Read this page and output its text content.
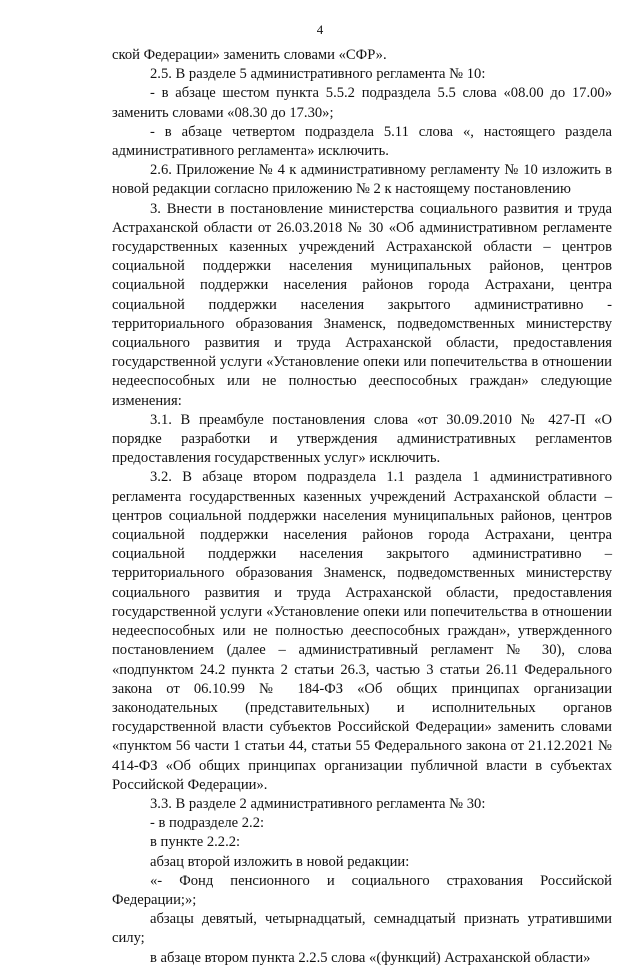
4

ской Федерации» заменить словами «СФР».

2.5. В разделе 5 административного регламента № 10:

- в абзаце шестом пункта 5.5.2 подраздела 5.5 слова «08.00 до 17.00» заменить словами «08.30 до 17.30»;

- в абзаце четвертом подраздела 5.11 слова «, настоящего раздела административного регламента» исключить.

2.6. Приложение № 4 к административному регламенту № 10 изложить в новой редакции согласно приложению № 2 к настоящему постановлению

3. Внести в постановление министерства социального развития и труда Астраханской области от 26.03.2018 № 30 «Об административном регламенте государственных казенных учреждений Астраханской области – центров социальной поддержки населения муниципальных районов, центров социальной поддержки населения районов города Астрахани, центра социальной поддержки населения закрытого административно - территориального образования Знаменск, подведомственных министерству социального развития и труда Астраханской области, предоставления государственной услуги «Установление опеки или попечительства в отношении недееспособных или не полностью дееспособных граждан» следующие изменения:

3.1. В преамбуле постановления слова «от 30.09.2010 № 427-П «О порядке разработки и утверждения административных регламентов предоставления государственных услуг» исключить.

3.2. В абзаце втором подраздела 1.1 раздела 1 административного регламента государственных казенных учреждений Астраханской области – центров социальной поддержки населения муниципальных районов, центров социальной поддержки населения районов города Астрахани, центра социальной поддержки населения закрытого административно – территориального образования Знаменск, подведомственных министерству социального развития и труда Астраханской области, предоставления государственной услуги «Установление опеки или попечительства в отношении недееспособных или не полностью дееспособных граждан», утвержденного постановлением (далее – административный регламент № 30), слова «подпунктом 24.2 пункта 2 статьи 26.3, частью 3 статьи 26.11 Федерального закона от 06.10.99 № 184-ФЗ «Об общих принципах организации законодательных (представительных) и исполнительных органов государственной власти субъектов Российской Федерации» заменить словами «пунктом 56 части 1 статьи 44, статьи 55 Федерального закона от 21.12.2021 № 414-ФЗ «Об общих принципах организации публичной власти в субъектах Российской Федерации».

3.3. В разделе 2 административного регламента № 30:

- в подразделе 2.2:

в пункте 2.2.2:

абзац второй изложить в новой редакции:

«- Фонд пенсионного и социального страхования Российской Федерации;»;

абзацы девятый, четырнадцатый, семнадцатый признать утратившими силу;

в абзаце втором пункта 2.2.5 слова «(функций) Астраханской области»
